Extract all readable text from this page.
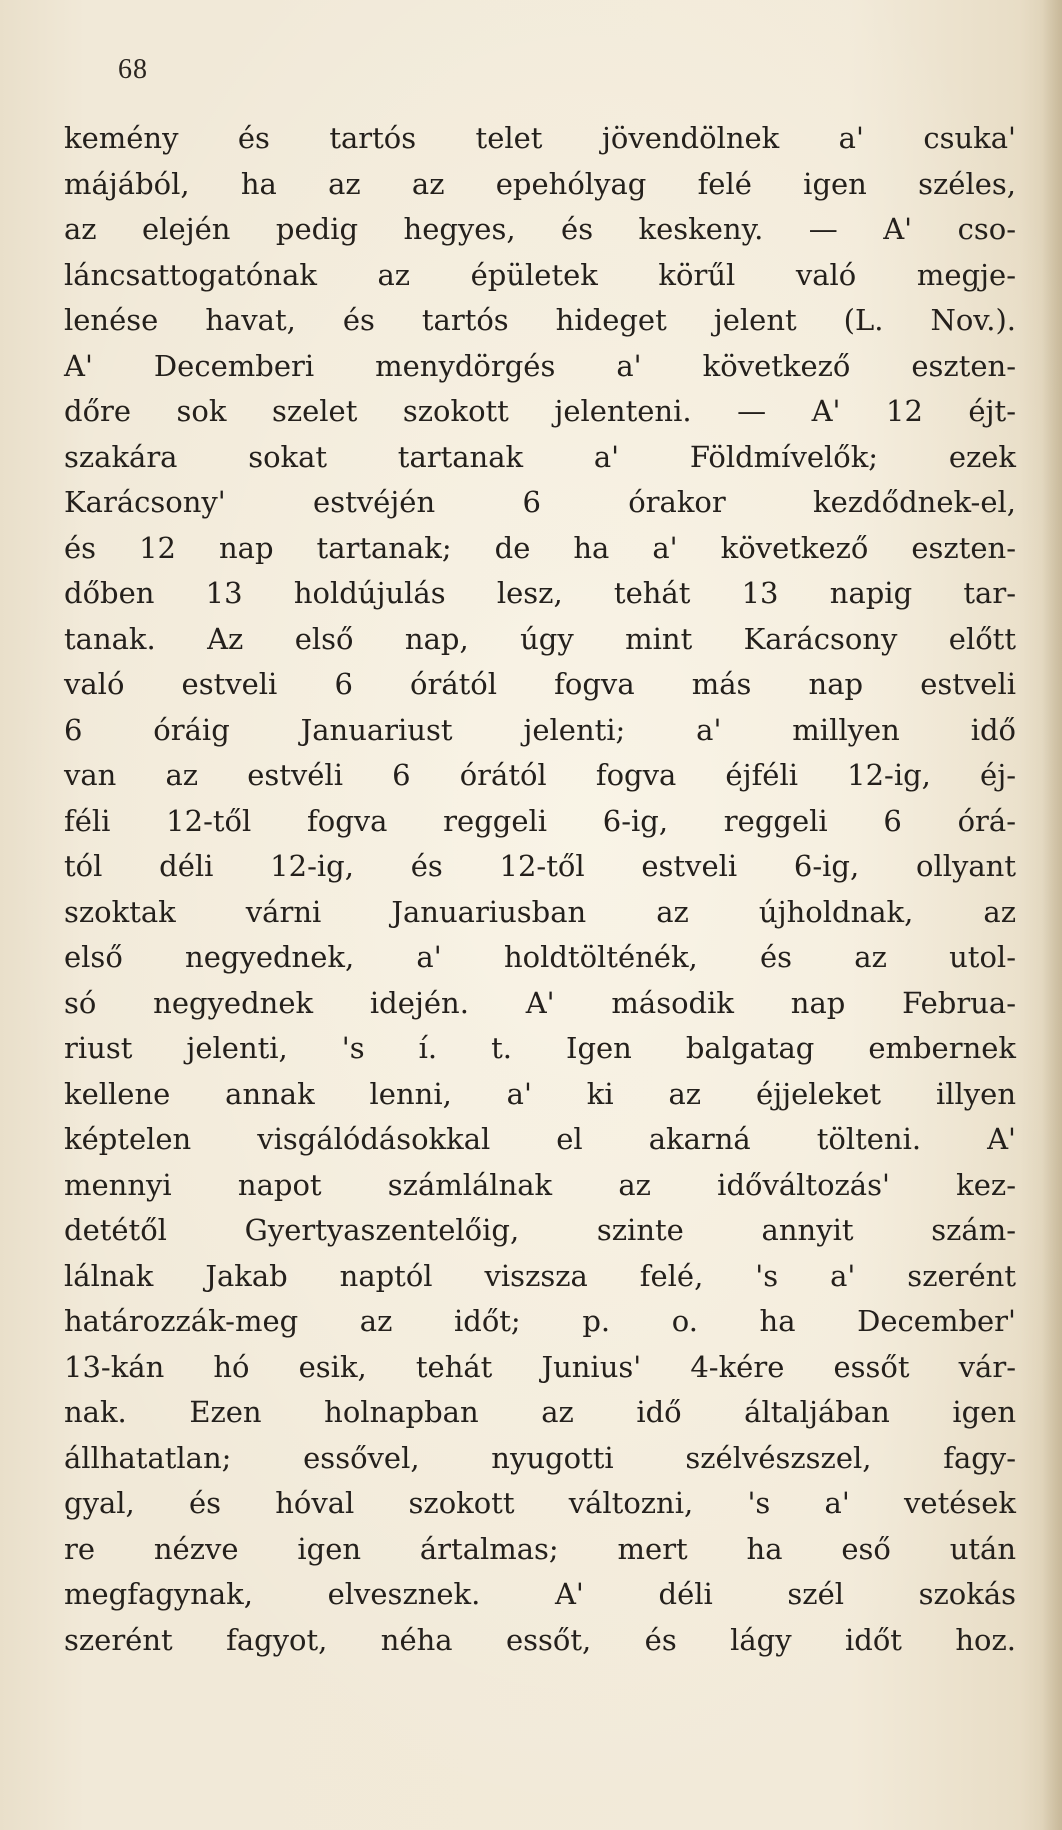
68
kemény és tartós telet jövendölnek a' csuka'
májából, ha az az epehólyag felé igen széles,
az elején pedig hegyes, és keskeny. — A' cso-
láncsattogatónak az épületek körűl való megje-
lenése havat, és tartós hideget jelent (L. Nov.).
A' Decemberi menydörgés a' következő eszten-
dőre sok szelet szokott jelenteni. — A' 12 éjt-
szakára sokat tartanak a' Földmívelők; ezek
Karácsony' estvéjén 6 órakor kezdődnek-el,
és 12 nap tartanak; de ha a' következő eszten-
dőben 13 holdújulás lesz, tehát 13 napig tar-
tanak. Az első nap, úgy mint Karácsony előtt
való estveli 6 órától fogva más nap estveli
6 óráig Januariust jelenti; a' millyen idő
van az estvéli 6 órától fogva éjféli 12-ig, éj-
féli 12-től fogva reggeli 6-ig, reggeli 6 órá-
tól déli 12-ig, és 12-től estveli 6-ig, ollyant
szoktak várni Januariusban az újholdnak, az
első negyednek, a' holdtölténék, és az utol-
só negyednek idején. A' második nap Februa-
riust jelenti, 's í. t. Igen balgatag embernek
kellene annak lenni, a' ki az éjjeleket illyen
képtelen visgálódásokkal el akarná tölteni. A'
mennyi napot számlálnak az időváltozás' kez-
detétől Gyertyaszentelőig, szinte annyit szám-
lálnak Jakab naptól viszsza felé, 's a' szerént
határozzák-meg az időt; p. o. ha December'
13-kán hó esik, tehát Junius' 4-kére essőt vár-
nak. Ezen holnapban az idő általjában igen
állhatatlan; essővel, nyugotti szélvészszel, fagy-
gyal, és hóval szokott változni, 's a' vetések
re nézve igen ártalmas; mert ha eső után
megfagynak, elvesznek. A' déli szél szokás
szerént fagyot, néha essőt, és lágy időt hoz.
